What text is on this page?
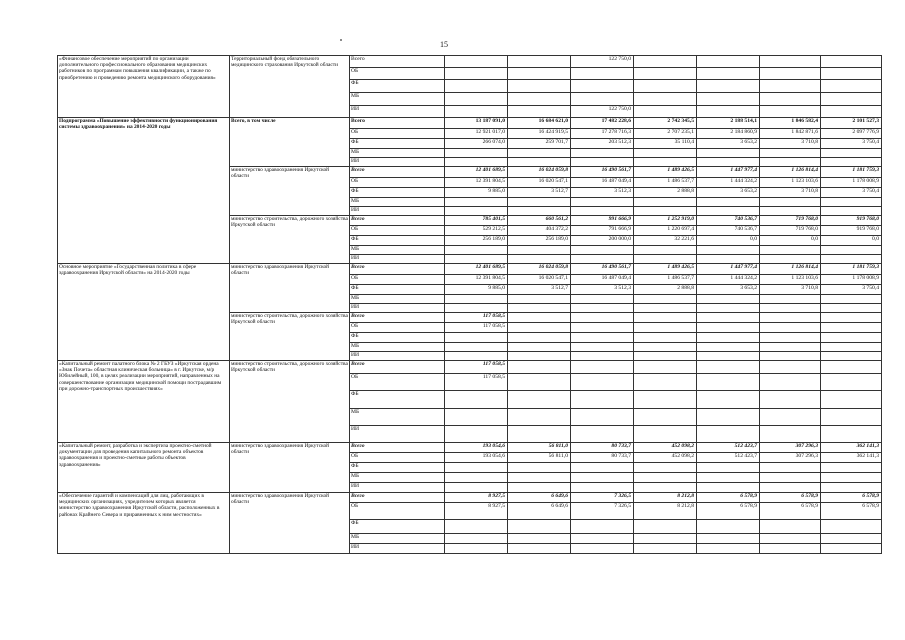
15
«Финансовое обеспечение мероприятий по организации дополнительного профессионального образования медицинских работников по программам повышения квалификации, а также по приобретению и проведению ремонта медицинского оборудования»	Территориальный фонд обязательного медицинского страхования Иркутской области	Всего			122 750,0				
		ОБ							
		ФБ							
		МБ							
		ИИ			122 750,0				
Подпрограмма «Повышение эффективности функционирования системы здравоохранения» на 2014-2020 годы	Всего, в том числе	Всего	13 187 091,0	16 684 621,0	17 482 228,6	2 742 345,5	2 188 514,1	1 846 582,4	2 101 527,3
		ОБ	12 921 017,0	16 424 919,5	17 278 716,3	2 707 235,1	2 184 860,9	1 842 871,6	2 097 776,9
		ФБ	266 074,0	259 701,7	203 512,3	35 110,4	3 653,2	3 710,8	3 750,4
		МБ							
		ИИ							
	министерство здравоохранения Иркутской области	Всего	12 401 689,5	16 024 059,8	16 490 561,7	1 489 426,5	1 447 977,4	1 126 814,4	1 181 759,3
		ОБ	12 391 804,5	16 020 547,1	16 487 049,4	1 486 537,7	1 444 324,2	1 123 103,6	1 178 008,9
		ФБ	9 885,0	3 512,7	3 512,3	2 888,8	3 653,2	3 710,8	3 750,4
		МБ							
		ИИ							
	министерство строительства, дорожного хозяйства Иркутской области	Всего	785 401,5	660 561,2	991 666,9	1 252 919,0	740 536,7	719 768,0	919 768,0
		ОБ	529 212,5	404 372,2	791 666,9	1 220 697,4	740 536,7	719 768,0	919 768,0
		ФБ	256 189,0	256 189,0	200 000,0	32 221,6	0,0	0,0	0,0
		МБ							
		ИИ							
Основное мероприятие «Государственная политика в сфере здравоохранения Иркутской области» на 2014-2020 годы	министерство здравоохранения Иркутской области	Всего	12 401 689,5	16 024 059,8	16 490 561,7	1 489 426,5	1 447 977,4	1 126 814,4	1 181 759,3
		ОБ	12 391 804,5	16 020 547,1	16 487 049,4	1 486 537,7	1 444 324,2	1 123 103,6	1 178 008,9
		ФБ	9 885,0	3 512,7	3 512,3	2 888,8	3 653,2	3 710,8	3 750,4
		МБ							
		ИИ							
	министерство строительства, дорожного хозяйства Иркутской области	Всего	117 058,5						
		ОБ	117 058,5						
		ФБ							
		МБ							
		ИИ							
«Капитальный ремонт палатного блока № 2 ГБУЗ «Иркутская ордена «Знак Почета» областная клиническая больница» в г. Иркутске, м/р Юбилейный, 100, в целях реализации мероприятий, направленных на совершенствование организации медицинской помощи пострадавшим при дорожно-транспортных происшествиях»	министерство строительства, дорожного хозяйства Иркутской области	Всего	117 058,5						
		ОБ	117 058,5						
		ФБ							
		МБ							
		ИИ							
«Капитальный ремонт, разработка и экспертиза проектно-сметной документации для проведения капитального ремонта объектов здравоохранения и проектно-сметные работы объектов здравоохранения»	министерство здравоохранения Иркутской области	Всего	193 054,6	56 811,0	80 733,7	452 098,2	512 423,7	307 296,3	362 141,3
		ОБ	193 054,6	56 811,0	80 733,7	452 098,2	512 423,7	307 296,3	362 141,3
		ФБ							
		МБ							
		ИИ							
«Обеспечение гарантий и компенсаций для лиц, работающих в медицинских организациях, учредителем которых является министерство здравоохранения Иркутской области, расположенных в районах Крайнего Севера и приравненных к ним местностях»	министерство здравоохранения Иркутской области	Всего	8 927,5	6 649,6	7 326,5	8 212,8	6 578,9	6 578,9	6 578,9
		ОБ	8 927,5	6 649,6	7 326,5	8 212,8	6 578,9	6 578,9	6 578,9
		ФБ							
		МБ							
		ИИ							
